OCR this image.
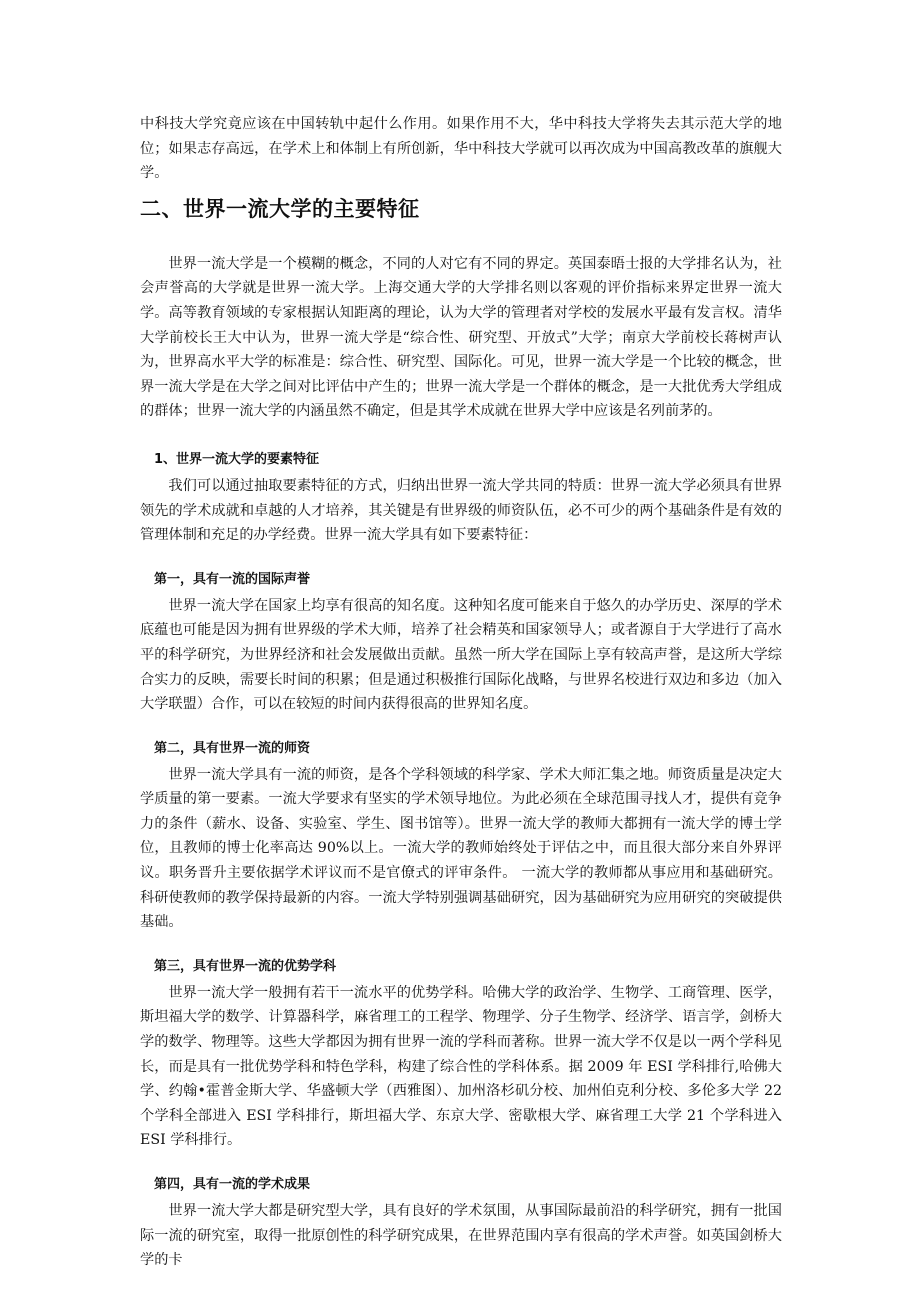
中科技大学究竟应该在中国转轨中起什么作用。如果作用不大，华中科技大学将失去其示范大学的地位；如果志存高远，在学术上和体制上有所创新，华中科技大学就可以再次成为中国高教改革的旗舰大学。

二、世界一流大学的主要特征

世界一流大学是一个模糊的概念，不同的人对它有不同的界定。英国泰晤士报的大学排名认为，社会声誉高的大学就是世界一流大学。上海交通大学的大学排名则以客观的评价指标来界定世界一流大学。高等教育领域的专家根据认知距离的理论，认为大学的管理者对学校的发展水平最有发言权。清华大学前校长王大中认为，世界一流大学是“综合性、研究型、开放式”大学；南京大学前校长蒋树声认为，世界高水平大学的标准是：综合性、研究型、国际化。可见，世界一流大学是一个比较的概念，世界一流大学是在大学之间对比评估中产生的；世界一流大学是一个群体的概念，是一大批优秀大学组成的群体；世界一流大学的内涵虽然不确定，但是其学术成就在世界大学中应该是名列前茅的。

1、世界一流大学的要素特征

我们可以通过抽取要素特征的方式，归纳出世界一流大学共同的特质：世界一流大学必须具有世界领先的学术成就和卓越的人才培养，其关键是有世界级的师资队伍，必不可少的两个基础条件是有效的管理体制和充足的办学经费。世界一流大学具有如下要素特征：

第一，具有一流的国际声誉

世界一流大学在国家上均享有很高的知名度。这种知名度可能来自于悠久的办学历史、深厚的学术底蕴也可能是因为拥有世界级的学术大师，培养了社会精英和国家领导人；或者源自于大学进行了高水平的科学研究，为世界经济和社会发展做出贡献。虽然一所大学在国际上享有较高声誉，是这所大学综合实力的反映，需要长时间的积累；但是通过积极推行国际化战略，与世界名校进行双边和多边（加入大学联盟）合作，可以在较短的时间内获得很高的世界知名度。

第二，具有世界一流的师资

世界一流大学具有一流的师资，是各个学科领域的科学家、学术大师汇集之地。师资质量是决定大学质量的第一要素。一流大学要求有坚实的学术领导地位。为此必须在全球范围寻找人才，提供有竞争力的条件（薪水、设备、实验室、学生、图书馆等）。世界一流大学的教师大都拥有一流大学的博士学位，且教师的博士化率高达 90%以上。一流大学的教师始终处于评估之中，而且很大部分来自外界评议。职务晋升主要依据学术评议而不是官僚式的评审条件。 一流大学的教师都从事应用和基础研究。科研使教师的教学保持最新的内容。一流大学特别强调基础研究，因为基础研究为应用研究的突破提供基础。

第三，具有世界一流的优势学科

世界一流大学一般拥有若干一流水平的优势学科。哈佛大学的政治学、生物学、工商管理、医学，斯坦福大学的数学、计算器科学，麻省理工的工程学、物理学、分子生物学、经济学、语言学，剑桥大学的数学、物理等。这些大学都因为拥有世界一流的学科而著称。世界一流大学不仅是以一两个学科见长，而是具有一批优势学科和特色学科，构建了综合性的学科体系。据 2009 年 ESI 学科排行,哈佛大学、约翰•霍普金斯大学、华盛顿大学（西雅图）、加州洛杉矶分校、加州伯克利分校、多伦多大学 22 个学科全部进入 ESI 学科排行，斯坦福大学、东京大学、密歇根大学、麻省理工大学 21 个学科进入 ESI 学科排行。

第四，具有一流的学术成果

世界一流大学大都是研究型大学，具有良好的学术氛围，从事国际最前沿的科学研究，拥有一批国际一流的研究室，取得一批原创性的科学研究成果，在世界范围内享有很高的学术声誉。如英国剑桥大学的卡
